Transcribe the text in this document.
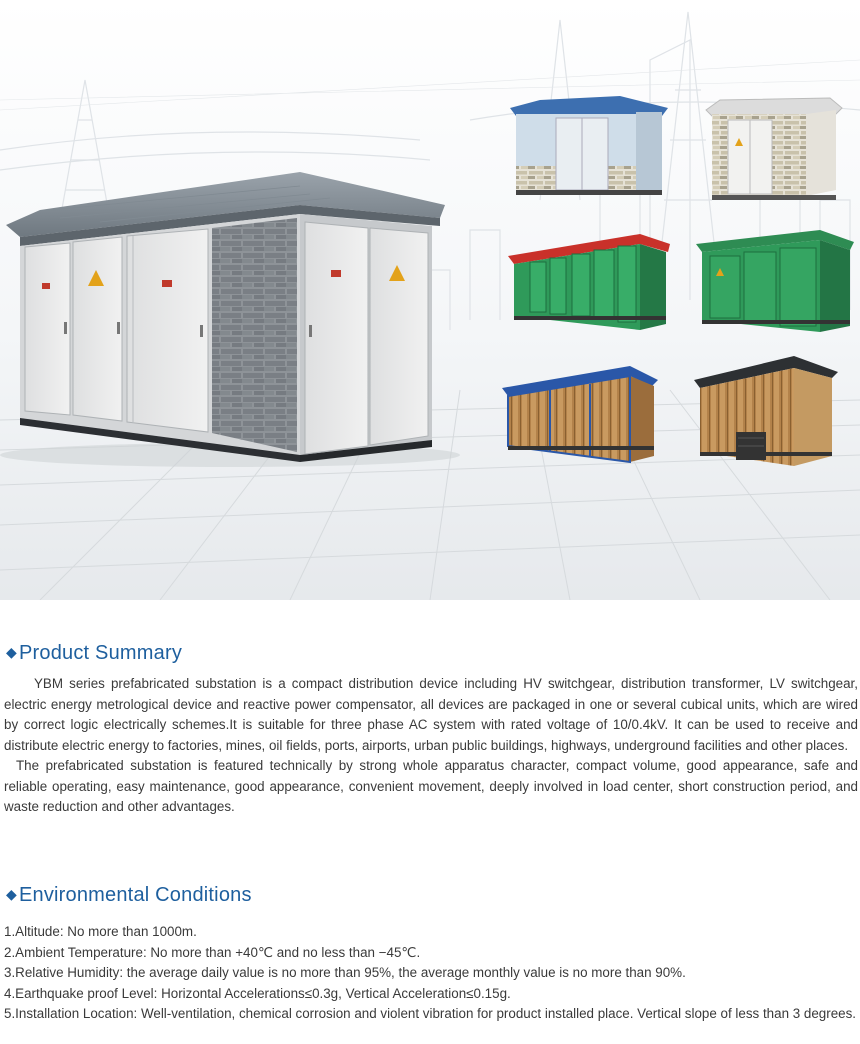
◆ Product Summary

YBM series prefabricated substation is a compact distribution device including HV switchgear, distribution transformer, LV switchgear, electric energy metrological device and reactive power compensator, all devices are packaged in one or several cubical units, which are wired by correct logic electrically schemes.It is suitable for three phase AC system with rated voltage of 10/0.4kV. It can be used to receive and distribute electric energy to factories, mines, oil fields, ports, airports, urban public buildings, highways, underground facilities and other places.

The prefabricated substation is featured technically by strong whole apparatus character, compact volume, good appearance, safe and reliable operating, easy maintenance, good appearance, convenient movement, deeply involved in load center, short construction period, and waste reduction and other advantages.

◆ Environmental Conditions
1.Altitude: No more than 1000m.
2.Ambient Temperature: No more than +40℃ and no less than −45℃.
3.Relative Humidity: the average daily value is no more than 95%, the average monthly value is no more than 90%.
4.Earthquake proof Level: Horizontal Accelerations≤0.3g, Vertical Acceleration≤0.15g.
5.Installation Location: Well-ventilation, chemical corrosion and violent vibration for product installed place. Vertical slope of less than 3 degrees.
